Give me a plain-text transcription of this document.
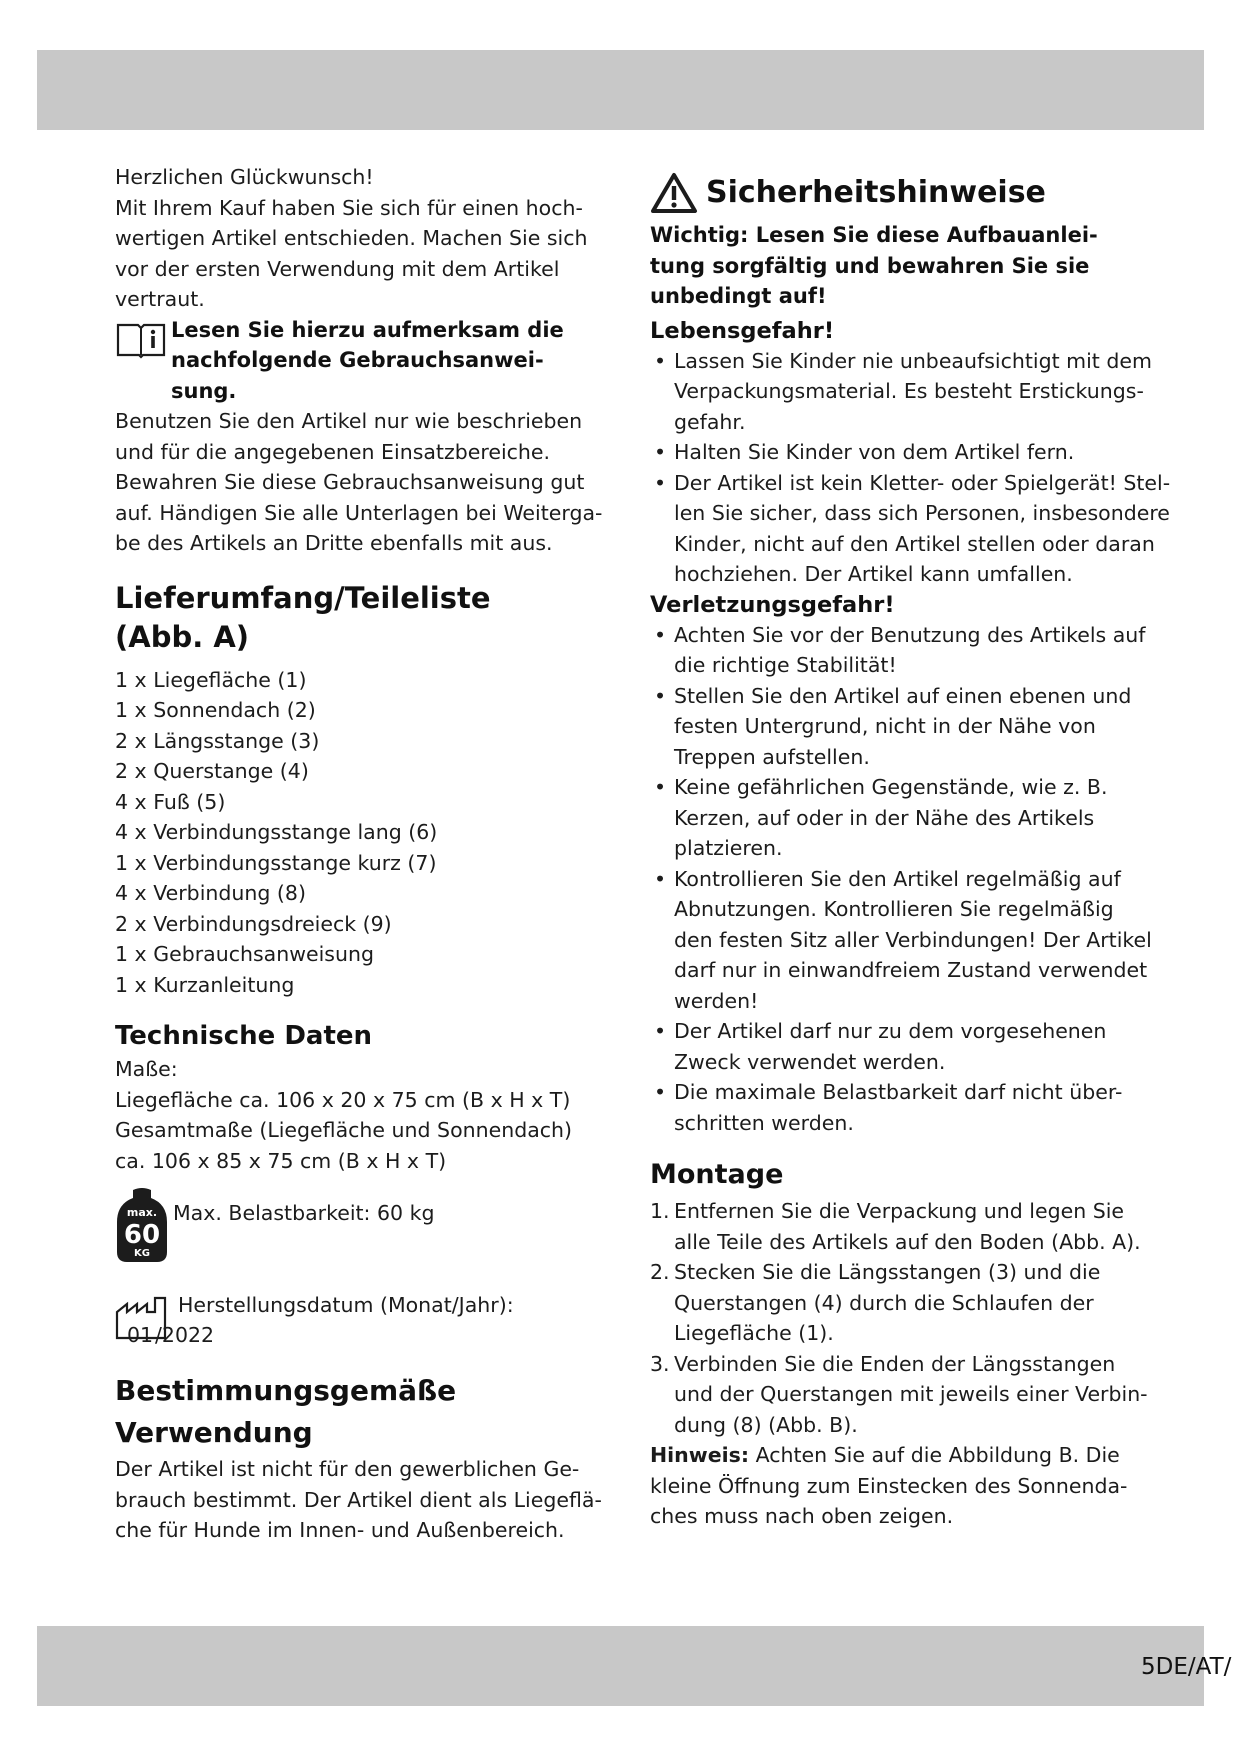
Herzlichen Glückwunsch!
Mit Ihrem Kauf haben Sie sich für einen hoch-
wertigen Artikel entschieden. Machen Sie sich
vor der ersten Verwendung mit dem Artikel
vertraut.
Lesen Sie hierzu aufmerksam die
nachfolgende Gebrauchsanwei-
sung.
Benutzen Sie den Artikel nur wie beschrieben
und für die angegebenen Einsatzbereiche.
Bewahren Sie diese Gebrauchsanweisung gut
auf. Händigen Sie alle Unterlagen bei Weiterga-
be des Artikels an Dritte ebenfalls mit aus.
Lieferumfang/Teileliste
(Abb. A)
1 x Liegefläche (1)
1 x Sonnendach (2)
2 x Längsstange (3)
2 x Querstange (4)
4 x Fuß (5)
4 x Verbindungsstange lang (6)
1 x Verbindungsstange kurz (7)
4 x Verbindung (8)
2 x Verbindungsdreieck (9)
1 x Gebrauchsanweisung
1 x Kurzanleitung
Technische Daten
Maße:
Liegefläche ca. 106 x 20 x 75 cm (B x H x T)
Gesamtmaße (Liegefläche und Sonnendach)
ca. 106 x 85 x 75 cm (B x H x T)
max.
60
KG
Max. Belastbarkeit: 60 kg
Herstellungsdatum (Monat/Jahr):
01 /2022
Bestimmungsgemäße
Verwendung
Der Artikel ist nicht für den gewerblichen Ge-
brauch bestimmt. Der Artikel dient als Liegeflä-
che für Hunde im Innen- und Außenbereich.
Sicherheitshinweise
Wichtig: Lesen Sie diese Aufbauanlei-
tung sorgfältig und bewahren Sie sie
unbedingt auf!
Lebensgefahr!
• Lassen Sie Kinder nie unbeaufsichtigt mit dem
Verpackungsmaterial. Es besteht Erstickungs-
gefahr.
• Halten Sie Kinder von dem Artikel fern.
• Der Artikel ist kein Kletter- oder Spielgerät! Stel-
len Sie sicher, dass sich Personen, insbesondere
Kinder, nicht auf den Artikel stellen oder daran
hochziehen. Der Artikel kann umfallen.
Verletzungsgefahr!
• Achten Sie vor der Benutzung des Artikels auf
die richtige Stabilität!
• Stellen Sie den Artikel auf einen ebenen und
festen Untergrund, nicht in der Nähe von
Treppen aufstellen.
• Keine gefährlichen Gegenstände, wie z. B.
Kerzen, auf oder in der Nähe des Artikels
platzieren.
• Kontrollieren Sie den Artikel regelmäßig auf
Abnutzungen. Kontrollieren Sie regelmäßig
den festen Sitz aller Verbindungen! Der Artikel
darf nur in einwandfreiem Zustand verwendet
werden!
• Der Artikel darf nur zu dem vorgesehenen
Zweck verwendet werden.
• Die maximale Belastbarkeit darf nicht über-
schritten werden.
Montage
1. Entfernen Sie die Verpackung und legen Sie
alle Teile des Artikels auf den Boden (Abb. A).
2. Stecken Sie die Längsstangen (3) und die
Querstangen (4) durch die Schlaufen der
Liegefläche (1).
3. Verbinden Sie die Enden der Längsstangen
und der Querstangen mit jeweils einer Verbin-
dung (8) (Abb. B).
Hinweis: Achten Sie auf die Abbildung B. Die
kleine Öffnung zum Einstecken des Sonnenda-
ches muss nach oben zeigen.
5DE/AT/
